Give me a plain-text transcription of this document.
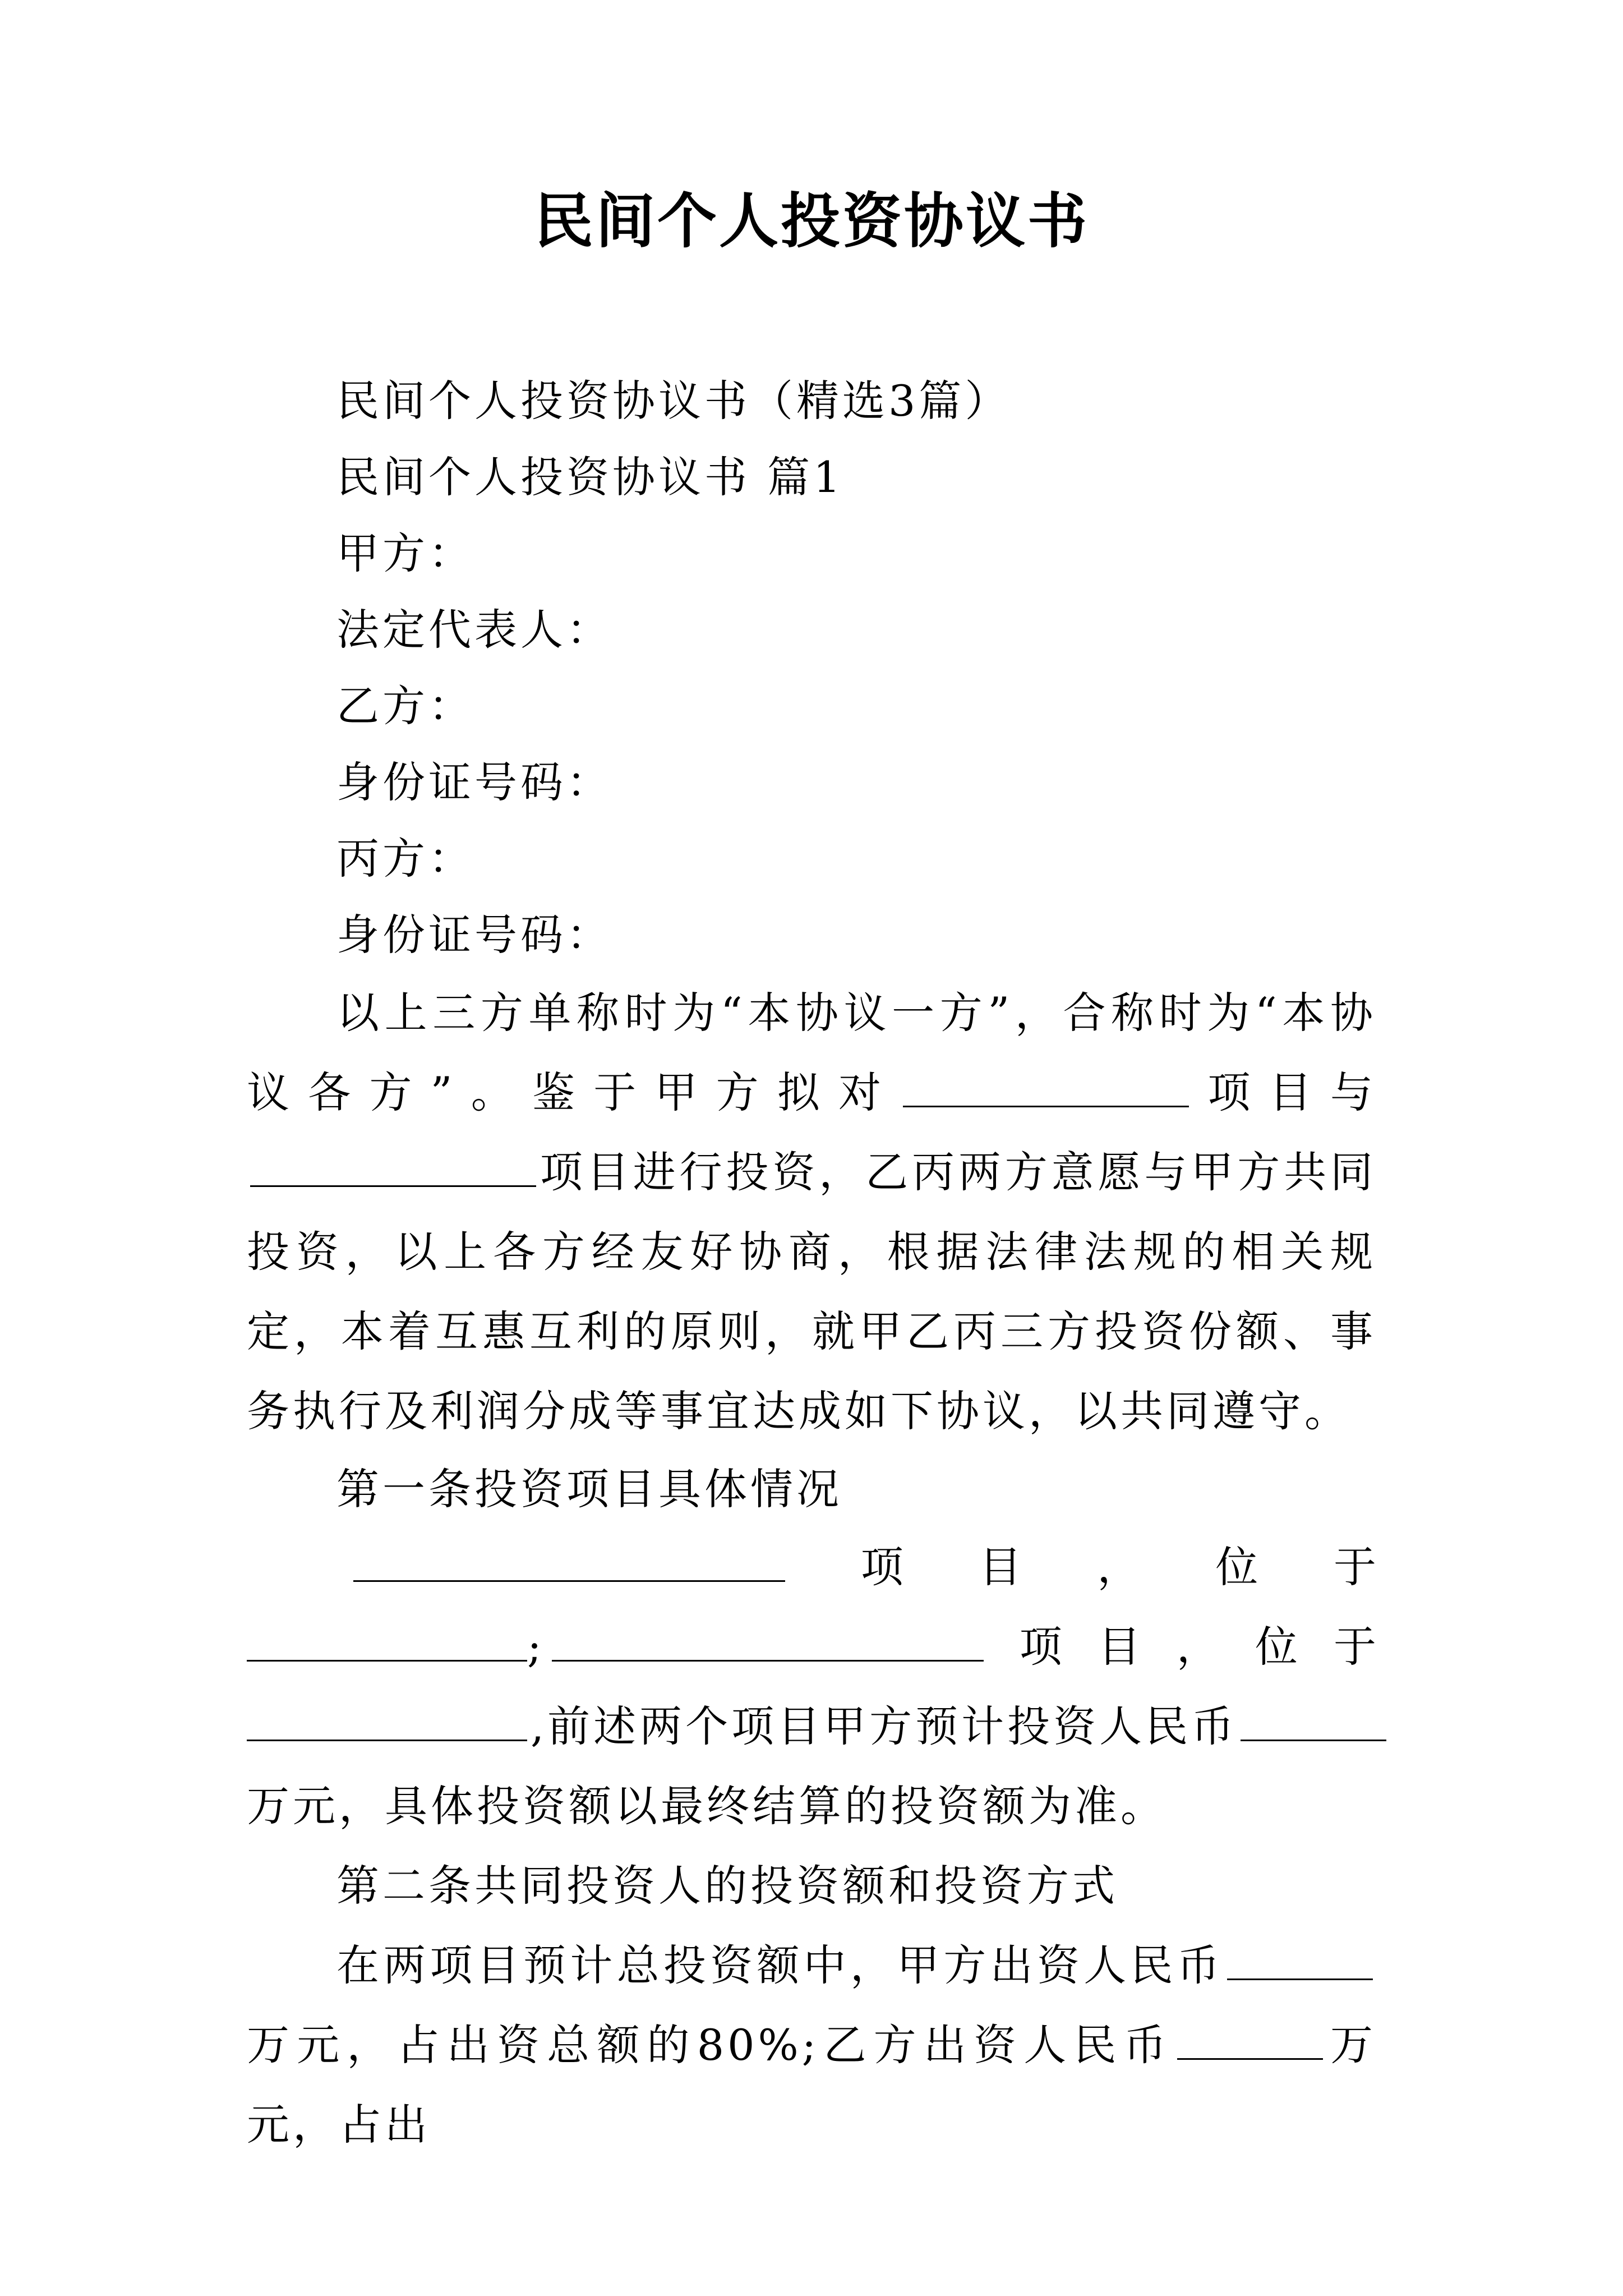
民间个人投资协议书

民间个人投资协议书（精选3篇）

民间个人投资协议书 篇1

甲方：

法定代表人：

乙方：

身份证号码：

丙方：

身份证号码：

以上三方单称时为“本协议一方”，合称时为“本协议各方”。鉴于甲方拟对	项目与项目进行投资，乙丙两方意愿与甲方共同投资，以上各方经友好协商，根据法律法规的相关规定，本着互惠互利的原则，就甲乙丙三方投资份额、事务执行及利润分成等事宜达成如下协议，以共同遵守。

第一条投资项目具体情况

项 目 ， 位 于
;	项 目 ， 位 于

,前述两个项目甲方预计投资人民币

万元，具体投资额以最终结算的投资额为准。

第二条共同投资人的投资额和投资方式

在两项目预计总投资额中，甲方出资人民币万元，占出资总额的80%;乙方出资人民币	万元，占出
